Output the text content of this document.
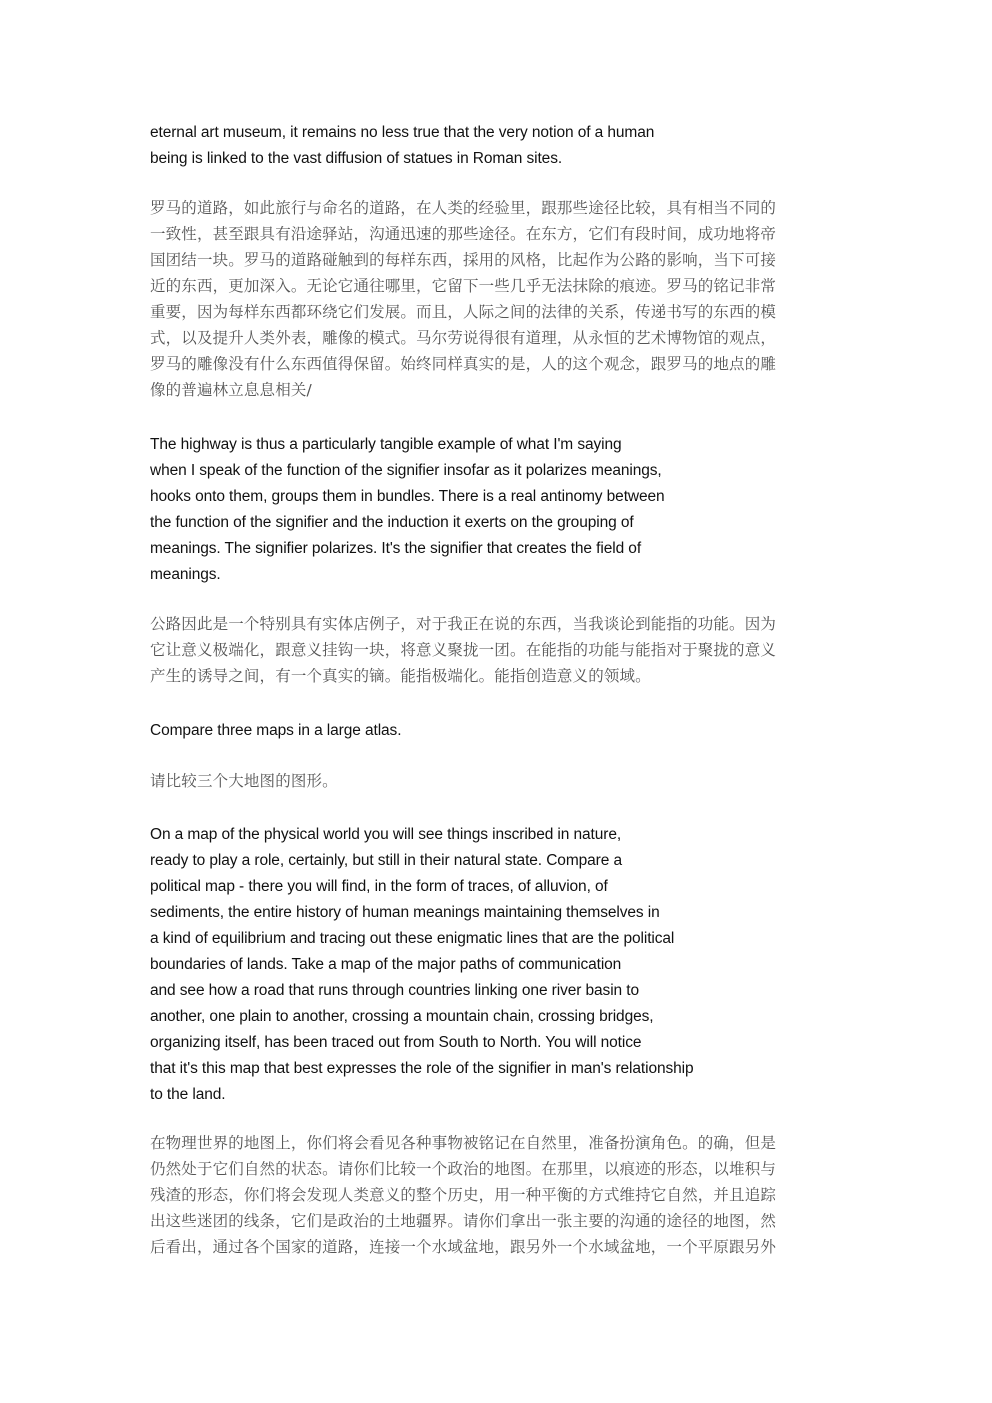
eternal art museum, it remains no less true that the very notion of a human
being is linked to the vast diffusion of statues in Roman sites.
罗马的道路，如此旅行与命名的道路，在人类的经验里，跟那些途径比较，具有相当不同的
一致性，甚至跟具有沿途驿站，沟通迅速的那些途径。在东方，它们有段时间，成功地将帝
国团结一块。罗马的道路碰触到的每样东西，採用的风格，比起作为公路的影响，当下可接
近的东西，更加深入。无论它通往哪里，它留下一些几乎无法抹除的痕迹。罗马的铭记非常
重要，因为每样东西都环绕它们发展。而且，人际之间的法律的关系，传递书写的东西的模
式，以及提升人类外表，雕像的模式。马尔劳说得很有道理，从永恒的艺术博物馆的观点，
罗马的雕像没有什么东西值得保留。始终同样真实的是，人的这个观念，跟罗马的地点的雕
像的普遍林立息息相关/
The highway is thus a particularly tangible example of what I'm saying
when I speak of the function of the signifier insofar as it polarizes meanings,
hooks onto them, groups them in bundles. There is a real antinomy between
the function of the signifier and the induction it exerts on the grouping of
meanings. The signifier polarizes. It's the signifier that creates the field of
meanings.
公路因此是一个特别具有实体店例子，对于我正在说的东西，当我谈论到能指的功能。因为
它让意义极端化，跟意义挂钩一块，将意义聚拢一团。在能指的功能与能指对于聚拢的意义
产生的诱导之间，有一个真实的镝。能指极端化。能指创造意义的领域。
Compare three maps in a large atlas.
请比较三个大地图的图形。
On a map of the physical world you will see things inscribed in nature,
ready to play a role, certainly, but still in their natural state. Compare a
political map - there you will find, in the form of traces, of alluvion, of
sediments, the entire history of human meanings maintaining themselves in
a kind of equilibrium and tracing out these enigmatic lines that are the political
boundaries of lands. Take a map of the major paths of communication
and see how a road that runs through countries linking one river basin to
another, one plain to another, crossing a mountain chain, crossing bridges,
organizing itself, has been traced out from South to North. You will notice
that it's this map that best expresses the role of the signifier in man's relationship
to the land.
在物理世界的地图上，你们将会看见各种事物被铭记在自然里，准备扮演角色。的确，但是
仍然处于它们自然的状态。请你们比较一个政治的地图。在那里，以痕迹的形态，以堆积与
残渣的形态，你们将会发现人类意义的整个历史，用一种平衡的方式维持它自然，并且追踪
出这些迷团的线条，它们是政治的土地疆界。请你们拿出一张主要的沟通的途径的地图，然
后看出，通过各个国家的道路，连接一个水域盆地，跟另外一个水域盆地，一个平原跟另外
